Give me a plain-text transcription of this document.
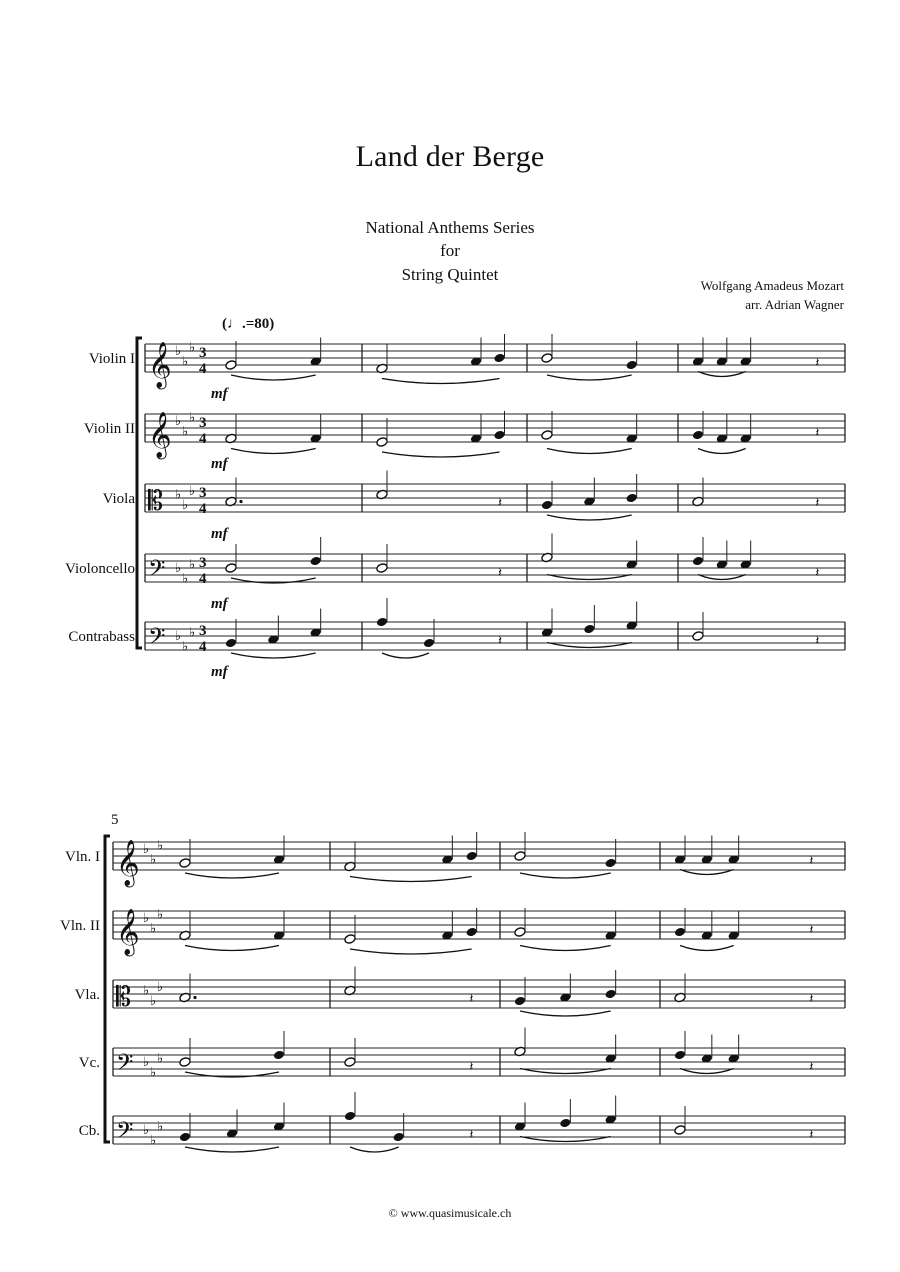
Land der Berge
National Anthems Series
for
String Quintet
Wolfgang Amadeus Mozart
arr. Adrian Wagner
Violin I 𝄞 ♭
♭
♭ 3
4
mf
𝄽
Violin II 𝄞 ♭
♭
♭ 3
4
mf
𝄽
Viola 𝄡 ♭
♭
♭ 3
4
mf
𝄽	𝄽
Violoncello 𝄢 ♭
♭
♭ 3
4
mf
𝄽	𝄽
Contrabass 𝄢 ♭
♭
♭ 3
4
mf
𝄽	𝄽
(♩.=80)
5
Vln. I 𝄞 ♭
♭
♭
𝄽
Vln. II 𝄞 ♭
♭
♭
𝄽
Vla. 𝄡 ♭
♭
♭
𝄽	𝄽
Vc. 𝄢 ♭
♭
♭
𝄽	𝄽
Cb. 𝄢 ♭
♭
♭
𝄽	𝄽
© www.quasimusicale.ch
